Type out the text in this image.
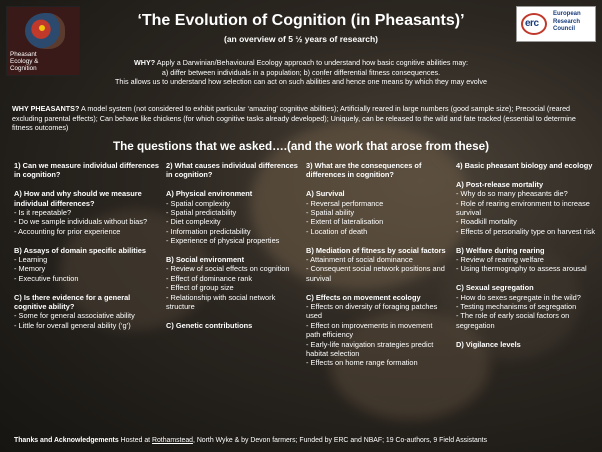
Pheasant
Ecology &
Cognition
erc
European
Research
Council
‘The Evolution of Cognition (in Pheasants)’
(an overview of 5 ½ years of research)
WHY? Apply a Darwinian/Behavioural Ecology approach to understand how basic cognitive abilities may:
a) differ between individuals in a population; b) confer differential fitness consequences.
This allows us to understand how selection can act on such abilities and hence one means by which they may evolve
WHY PHEASANTS? A model system (not considered to exhibit particular ‘amazing’ cognitive abilities); Artificially reared in large numbers (good sample size); Precocial (reared excluding parental effects); Can behave like chickens (for which cognitive tasks already developed); Uniquely, can be released to the wild and fate tracked (essential to determine fitness outcomes)
The questions that we asked….(and the work that arose from these)
1) Can we measure individual differences in cognition?
A) How and why should we measure individual differences?
- Is it repeatable?
- Do we sample individuals without bias?
- Accounting for prior experience
B) Assays of domain specific abilities
- Learning
- Memory
- Executive function
C) Is there evidence for a general cognitive ability?
- Some for general associative ability
- Little for overall general ability (‘g’)
2) What causes individual differences in cognition?
A) Physical environment
- Spatial complexity
- Spatial predictability
- Diet complexity
- Information predictability
- Experience of physical properties
B) Social environment
- Review of social effects on cognition
- Effect of dominance rank
- Effect of group size
- Relationship with social network structure
C) Genetic contributions
3) What are the consequences of differences in cognition?
A) Survival
- Reversal performance
- Spatial ability
- Extent of lateralisation
- Location of death
B) Mediation of fitness by social factors
- Attainment of social dominance
- Consequent social network positions and survival
C) Effects on movement ecology
- Effects on diversity of foraging patches used
- Effect on improvements in movement path efficiency
- Early-life navigation strategies predict habitat selection
- Effects on home range formation
4) Basic pheasant biology and ecology
A) Post-release mortality
- Why do so many pheasants die?
- Role of rearing environment to increase survival
- Roadkill mortality
- Effects of personality type on harvest risk
B) Welfare during rearing
- Review of rearing welfare
- Using thermography to assess arousal
C) Sexual segregation
- How do sexes segregate in the wild?
- Testing mechanisms of segregation
- The role of early social factors on segregation
D) Vigilance levels
Thanks and Acknowledgements Hosted at Rothamstead, North Wyke & by Devon farmers; Funded by ERC and NBAF; 19 Co-authors, 9 Field Assistants
